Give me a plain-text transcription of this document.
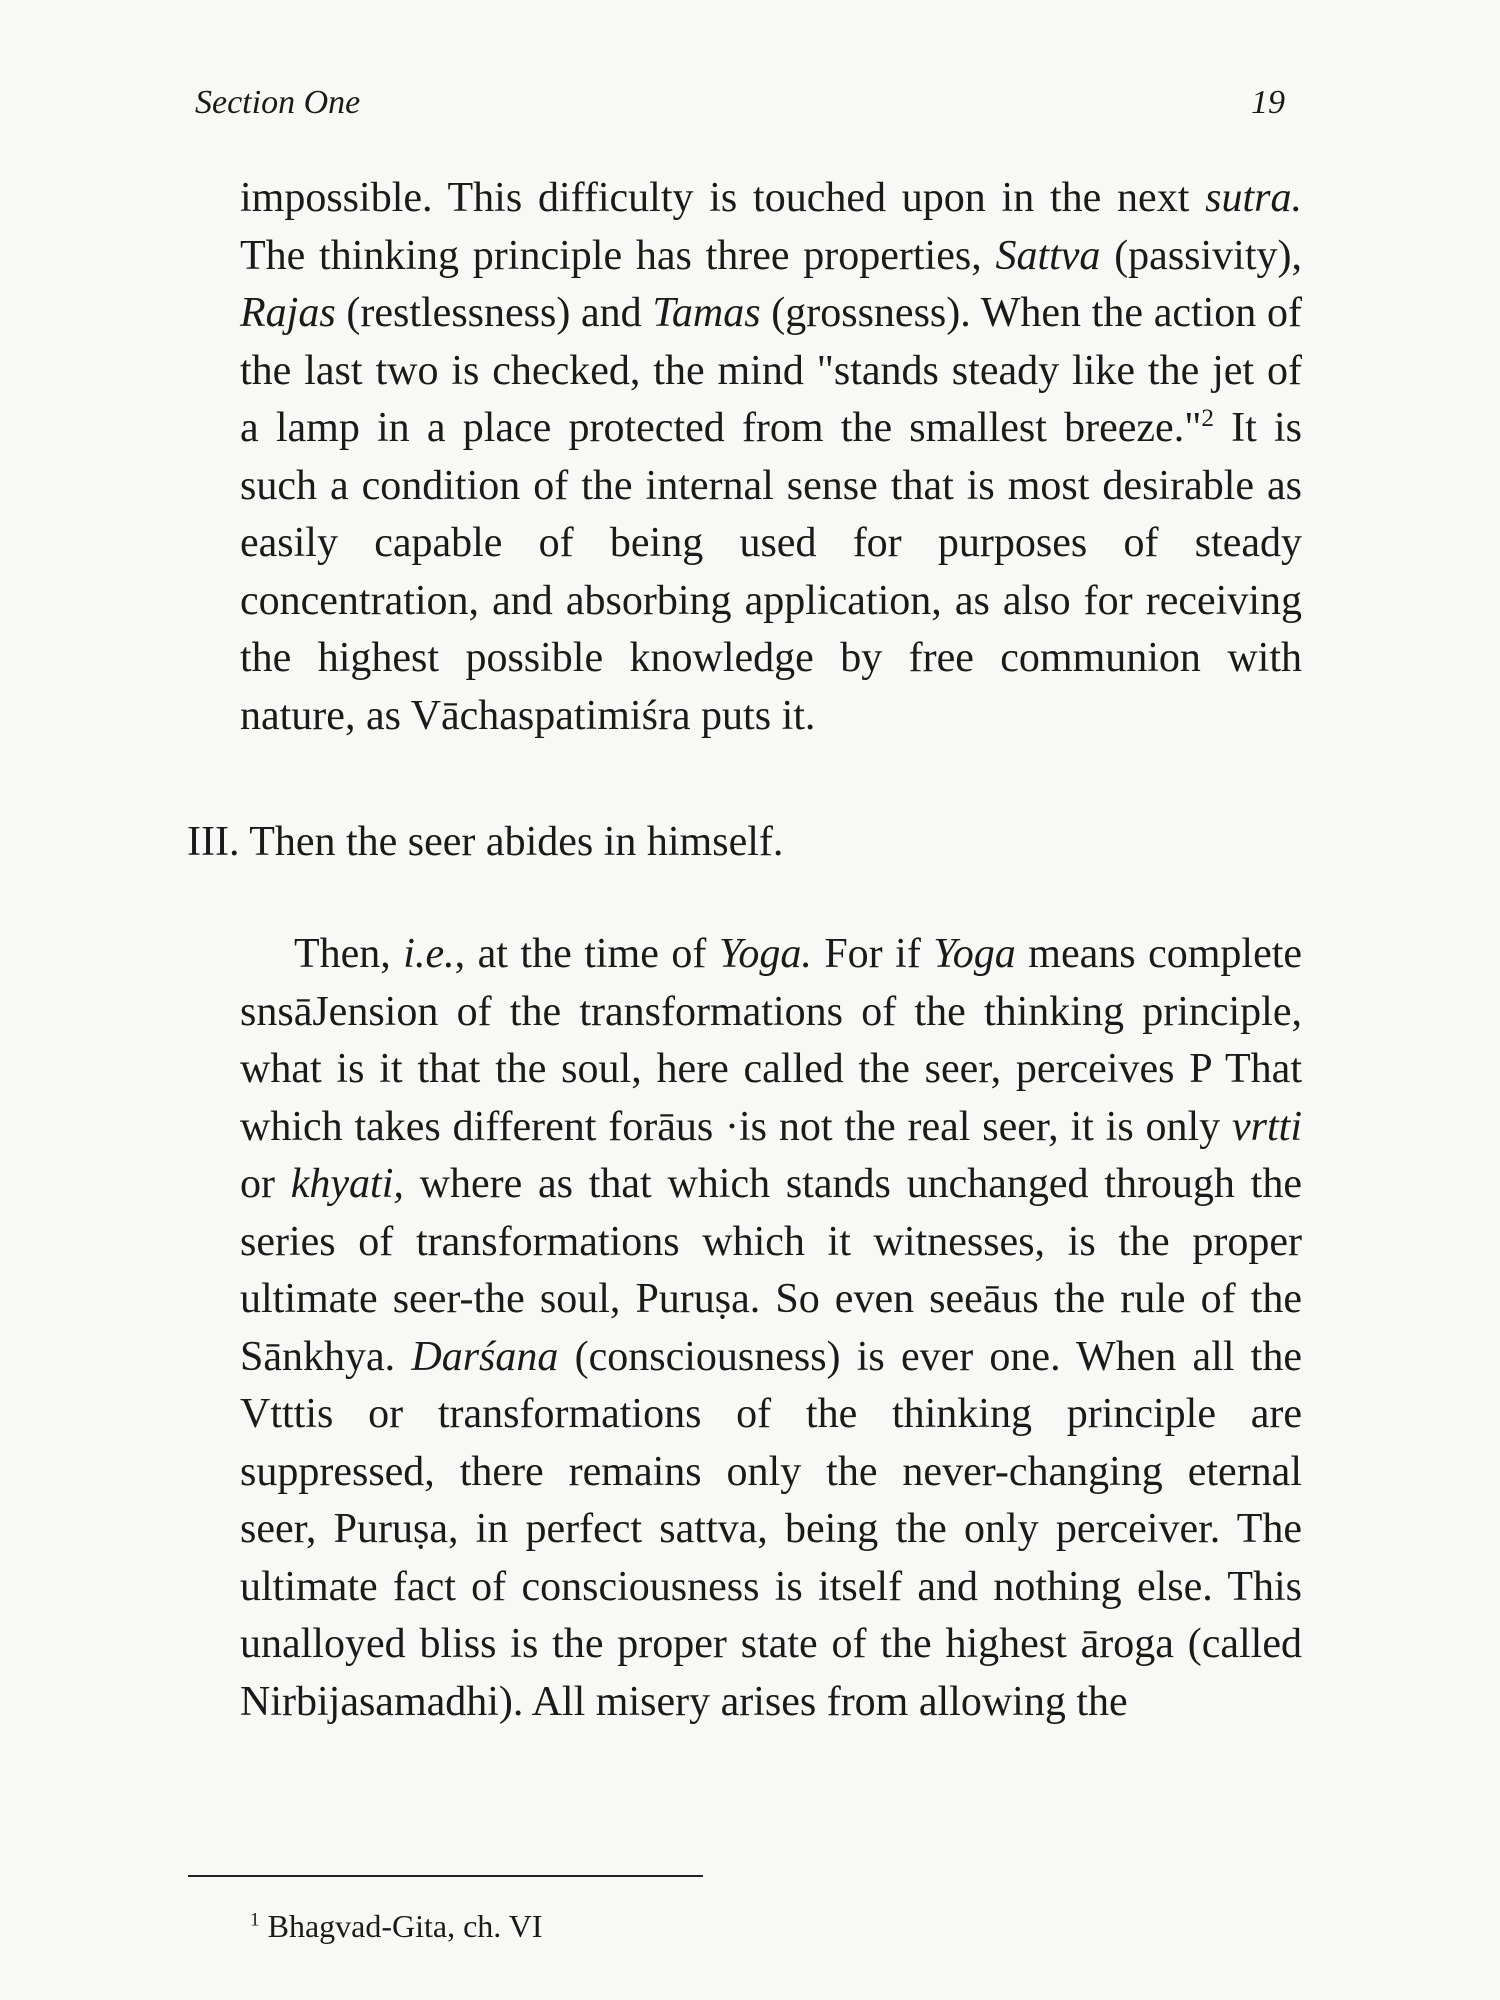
Section One	19

impossible. This difficulty is touched upon in the next sutra. The thinking principle has three properties, Sattva (passivity), Rajas (restlessness) and Tamas (grossness). When the action of the last two is checked, the mind "stands steady like the jet of a lamp in a place protected from the smallest breeze."$^2$ It is such a condition of the internal sense that is most desirable as easily capable of being used for purposes of steady concentration, and absorbing application, as also for receiving the highest possible knowledge by free communion with nature, as Vāchaspatimiśra puts it.

III. Then the seer abides in himself.

Then, i.e., at the time of Yoga. For if Yoga means complete snsāJension of the transformations of the thinking principle, what is it that the soul, here called the seer, perceives P That which takes different forāus ·is not the real seer, it is only vrtti or khyati, where as that which stands unchanged through the series of transformations which it witnesses, is the proper ultimate seer-the soul, Puruṣa. So even seeāus the rule of the Sānkhya. Darśana (consciousness) is ever one. When all the Vtttis or transformations of the thinking principle are suppressed, there remains only the never-changing eternal seer, Puruṣa, in perfect sattva, being the only perceiver. The ultimate fact of consciousness is itself and nothing else. This unalloyed bliss is the proper state of the highest āroga (called Nirbijasamadhi). All misery arises from allowing the

$^1$ Bhagvad-Gita, ch. VI
